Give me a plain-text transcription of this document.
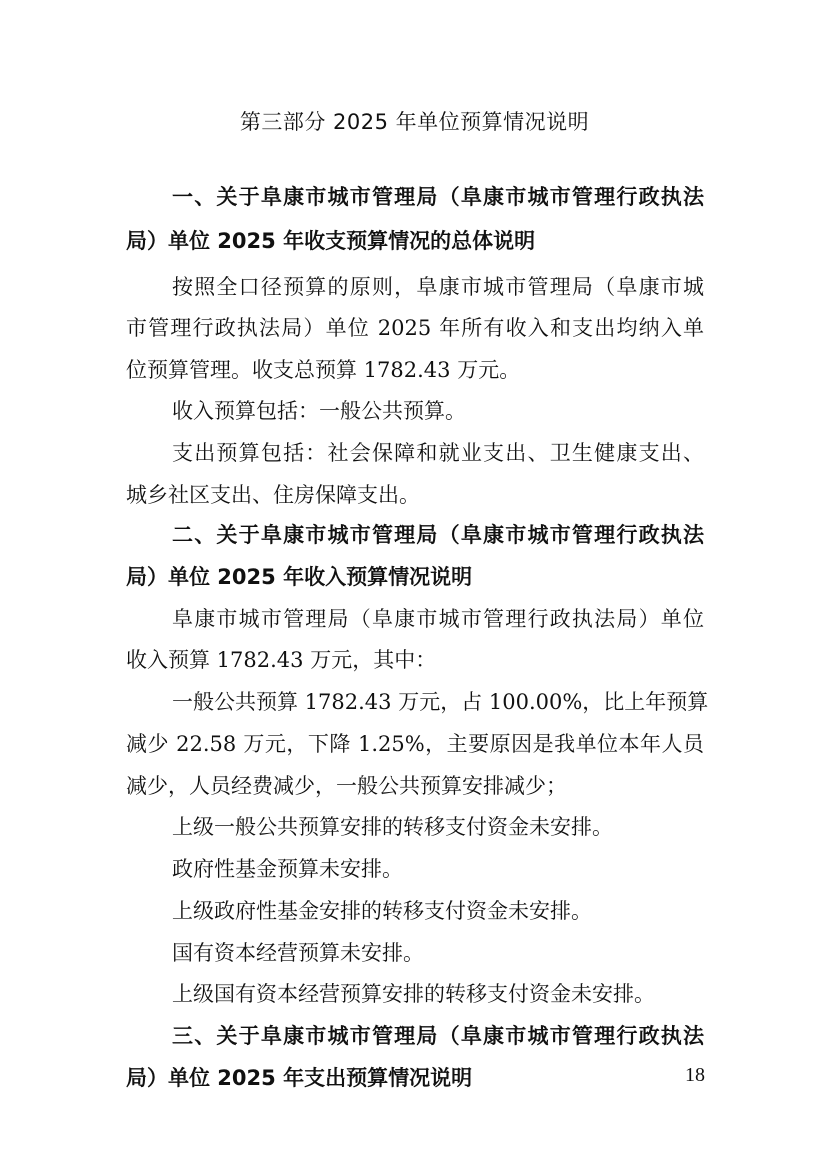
第三部分 2025 年单位预算情况说明
一、关于阜康市城市管理局（阜康市城市管理行政执法
局）单位 2025 年收支预算情况的总体说明
按照全口径预算的原则，阜康市城市管理局（阜康市城
市管理行政执法局）单位 2025 年所有收入和支出均纳入单
位预算管理。收支总预算 1782.43 万元。
收入预算包括：一般公共预算。
支出预算包括：社会保障和就业支出、卫生健康支出、
城乡社区支出、住房保障支出。
二、关于阜康市城市管理局（阜康市城市管理行政执法
局）单位 2025 年收入预算情况说明
阜康市城市管理局（阜康市城市管理行政执法局）单位
收入预算 1782.43 万元，其中：
一般公共预算 1782.43 万元，占 100.00%，比上年预算
减少 22.58 万元，下降 1.25%，主要原因是我单位本年人员
减少，人员经费减少，一般公共预算安排减少；
上级一般公共预算安排的转移支付资金未安排。
政府性基金预算未安排。
上级政府性基金安排的转移支付资金未安排。
国有资本经营预算未安排。
上级国有资本经营预算安排的转移支付资金未安排。
三、关于阜康市城市管理局（阜康市城市管理行政执法
局）单位 2025 年支出预算情况说明	18
